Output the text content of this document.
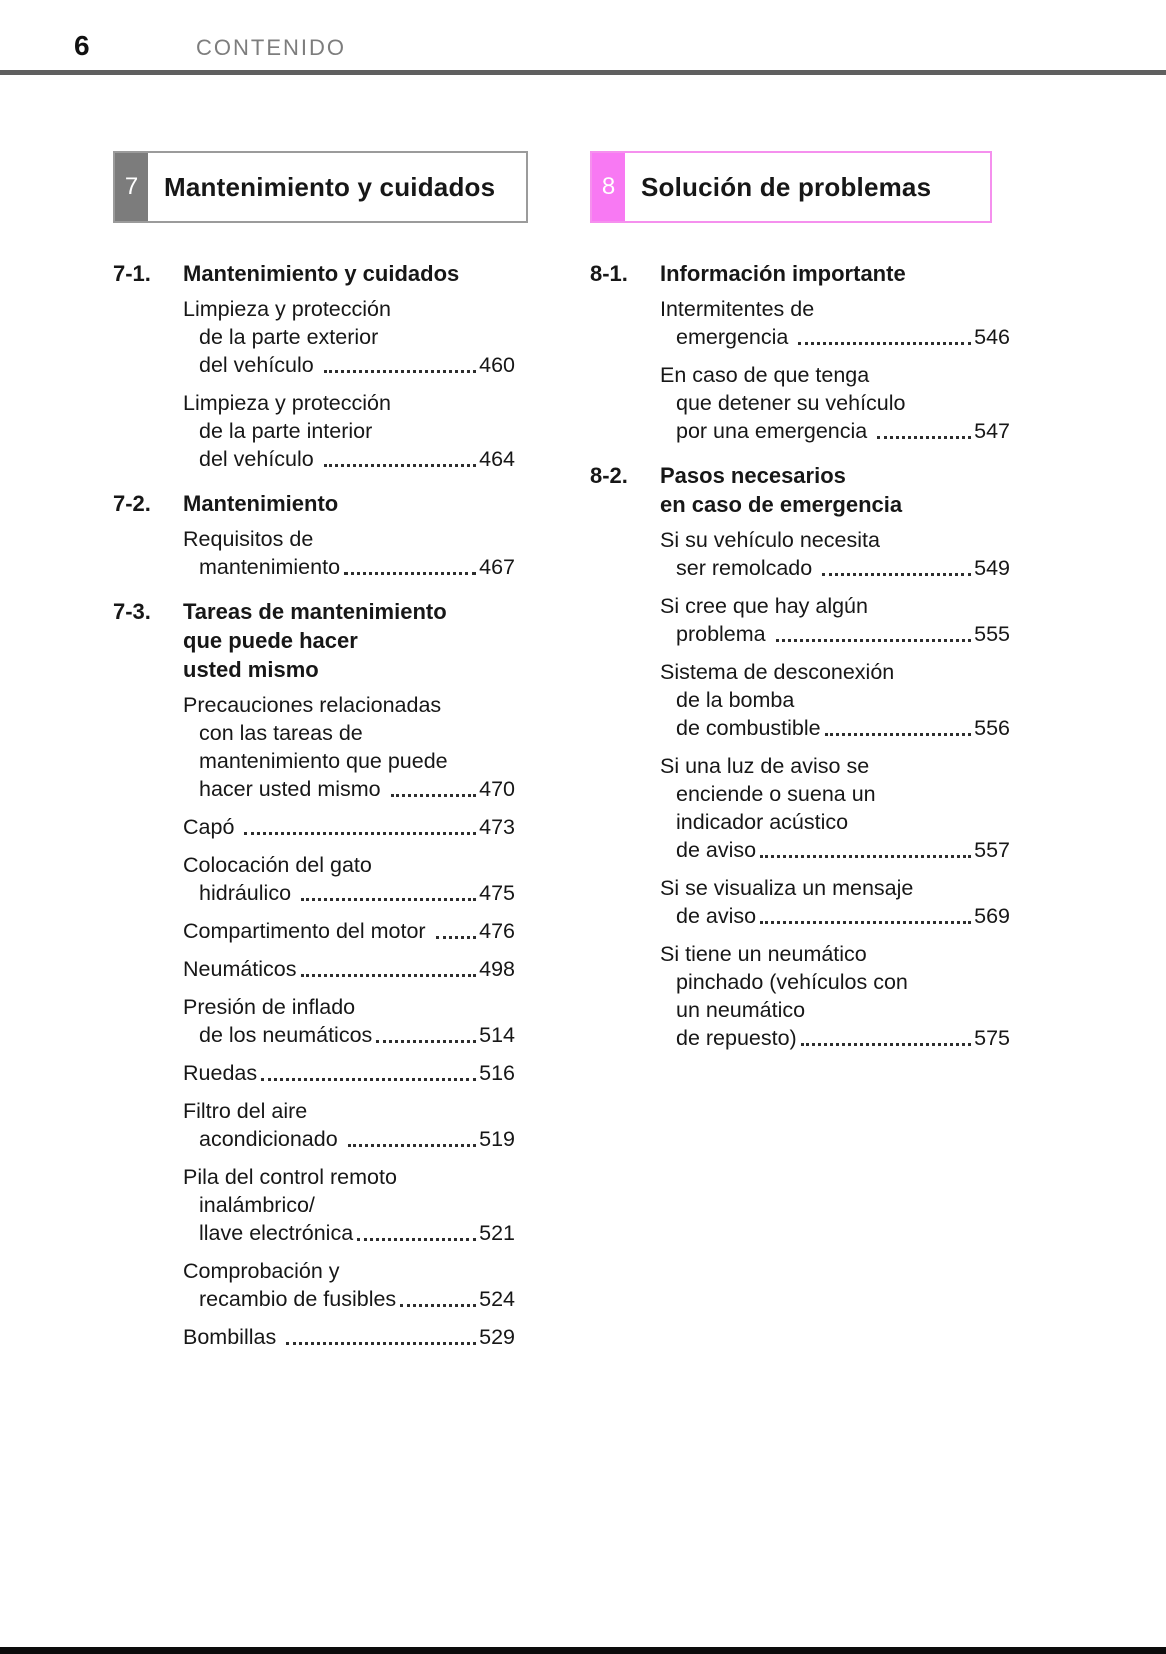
6	CONTENIDO
7 Mantenimiento y cuidados
7-1.	Mantenimiento y cuidados
Limpieza y protección
de la parte exterior
del vehículo	460
Limpieza y protección
de la parte interior
del vehículo	464
7-2.	Mantenimiento
Requisitos de
mantenimiento	467
7-3.	Tareas de mantenimiento
que puede hacer
usted mismo
Precauciones relacionadas
con las tareas de
mantenimiento que puede
hacer usted mismo	470
Capó	473
Colocación del gato
hidráulico	475
Compartimento del motor 476
Neumáticos	498
Presión de inflado
de los neumáticos	514
Ruedas	516
Filtro del aire
acondicionado	519
Pila del control remoto
inalámbrico/
llave electrónica	521
Comprobación y
recambio de fusibles	524
Bombillas	529
8 Solución de problemas
8-1.	Información importante
Intermitentes de
emergencia	546
En caso de que tenga
que detener su vehículo
por una emergencia	547
8-2.	Pasos necesarios
en caso de emergencia
Si su vehículo necesita
ser remolcado	549
Si cree que hay algún
problema	555
Sistema de desconexión
de la bomba
de combustible	556
Si una luz de aviso se
enciende o suena un
indicador acústico
de aviso	557
Si se visualiza un mensaje
de aviso	569
Si tiene un neumático
pinchado (vehículos con
un neumático
de repuesto)	575
